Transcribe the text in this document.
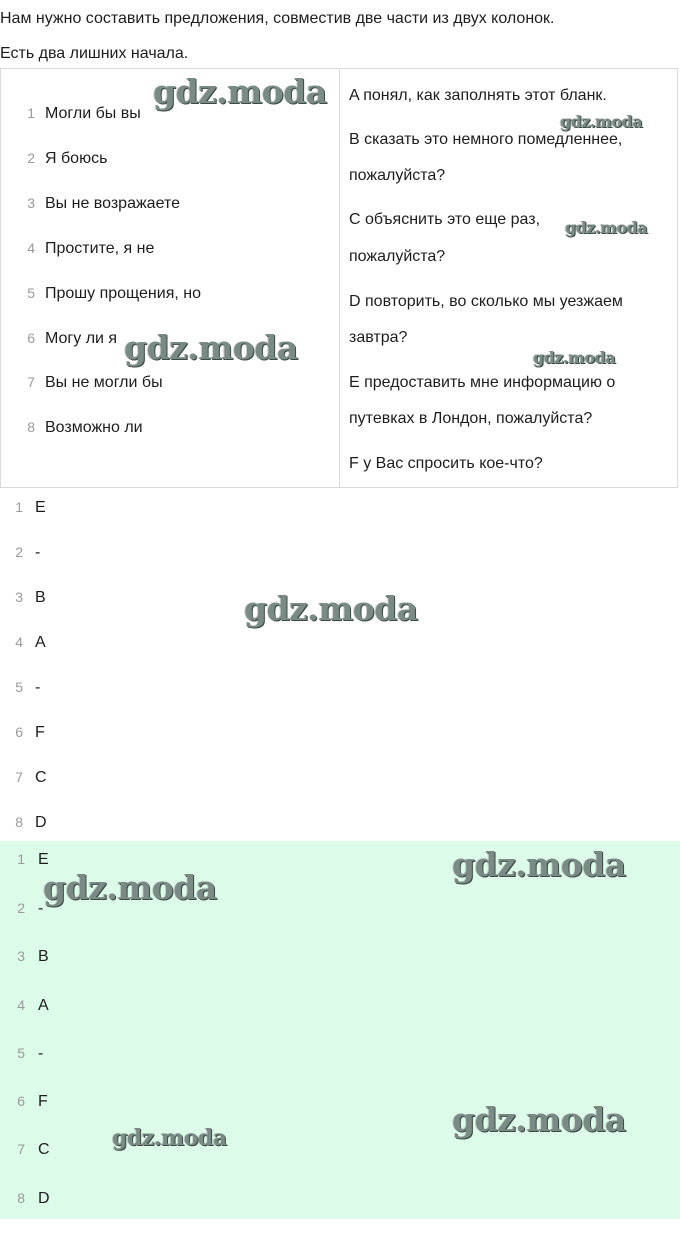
Нам нужно составить предложения, совместив две части из двух колонок.
Есть два лишних начала.
1 Могли бы вы
2 Я боюсь
3 Вы не возражаете
4 Простите, я не
5 Прошу прощения, но
6 Могу ли я
7 Вы не могли бы
8 Возможно ли
A понял, как заполнять этот бланк.
B сказать это немного помедленнее,
пожалуйста?
C объяснить это еще раз,
пожалуйста?
D повторить, во сколько мы уезжаем
завтра?
E предоставить мне информацию о
путевках в Лондон, пожалуйста?
F у Вас спросить кое-что?
1 E
2 -
3 B
4 A
5 -
6 F
7 C
8 D
1 E
2 -
3 B
4 A
5 -
6 F
7 C
8 D
gdz.moda
gdz.moda
gdz.moda
gdz.moda	gdz.moda
gdz.moda
gdz.moda
gdz.moda
gdz.moda
gdz.moda
